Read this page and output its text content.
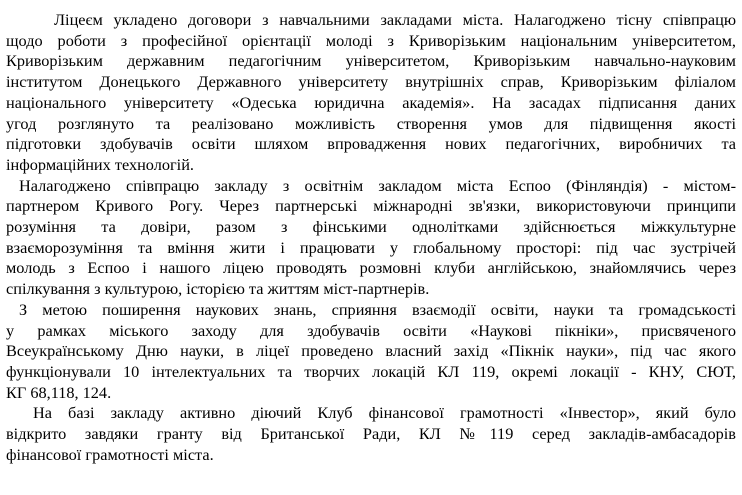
Ліцеєм укладено договори з навчальними закладами міста. Налагоджено тісну співпрацю
щодо роботи з професійної орієнтації молоді з Криворізьким національним університетом,
Криворізьким державним педагогічним університетом, Криворізьким навчально-науковим
інститутом Донецького Державного університету внутрішніх справ, Криворізьким філіалом
національного університету «Одеська юридична академія». На засадах підписання даних
угод розглянуто та реалізовано можливість створення умов для підвищення якості
підготовки здобувачів освіти шляхом впровадження нових педагогічних, виробничих та
інформаційних технологій.
Налагоджено співпрацю закладу з освітнім закладом міста Еспоо (Фінляндія) - містом-
партнером Кривого Рогу. Через партнерські міжнародні зв'язки, використовуючи принципи
розуміння та довіри, разом з фінськими однолітками здійснюється міжкультурне
взаєморозуміння та вміння жити і працювати у глобальному просторі: під час зустрічей
молодь з Еспоо і нашого ліцею проводять розмовні клуби англійською, знайомлячись через
спілкування з культурою, історією та життям міст-партнерів.
З метою поширення наукових знань, сприяння взаємодії освіти, науки та громадськості
у рамках міського заходу для здобувачів освіти «Наукові пікніки», присвяченого
Всеукраїнському Дню науки, в ліцеї проведено власний захід «Пікнік науки», під час якого
функціонували 10 інтелектуальних та творчих локацій КЛ 119, окремі локації - КНУ, СЮТ,
КГ 68,118, 124.
На базі закладу активно діючий Клуб фінансової грамотності «Інвестор», який було
відкрито завдяки гранту від Британської Ради, КЛ №119 серед закладів-амбасадорів
фінансової грамотності міста.
